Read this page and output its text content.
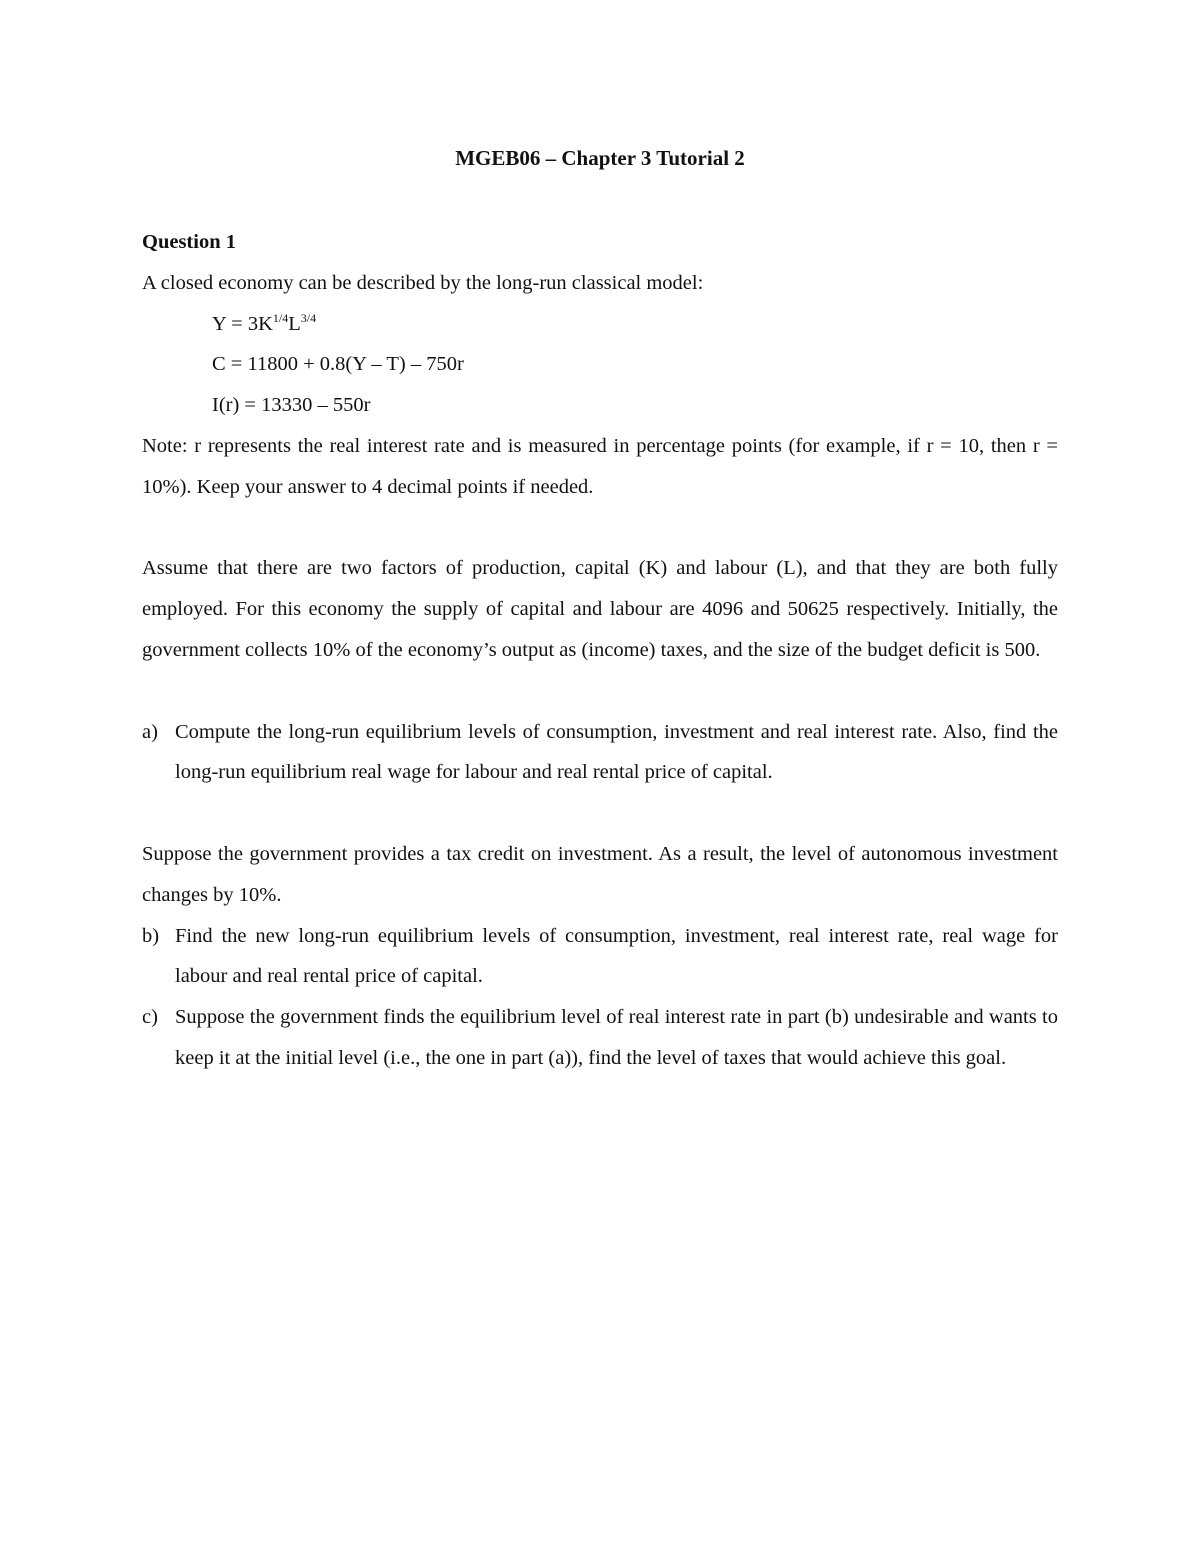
MGEB06 – Chapter 3 Tutorial 2

Question 1

A closed economy can be described by the long-run classical model:

$Y = 3K^{1/4}L^{3/4}$

C = 11800 + 0.8(Y – T) – 750r

I(r) = 13330 – 550r

Note: r represents the real interest rate and is measured in percentage points (for example, if r = 10, then r = 10%). Keep your answer to 4 decimal points if needed.

Assume that there are two factors of production, capital (K) and labour (L), and that they are both fully employed. For this economy the supply of capital and labour are 4096 and 50625 respectively. Initially, the government collects 10% of the economy’s output as (income) taxes, and the size of the budget deficit is 500.

a) Compute the long-run equilibrium levels of consumption, investment and real interest rate. Also, find the long-run equilibrium real wage for labour and real rental price of capital.

Suppose the government provides a tax credit on investment. As a result, the level of autonomous investment changes by 10%.

b) Find the new long-run equilibrium levels of consumption, investment, real interest rate, real wage for labour and real rental price of capital.
c) Suppose the government finds the equilibrium level of real interest rate in part (b) undesirable and wants to keep it at the initial level (i.e., the one in part (a)), find the level of taxes that would achieve this goal.
